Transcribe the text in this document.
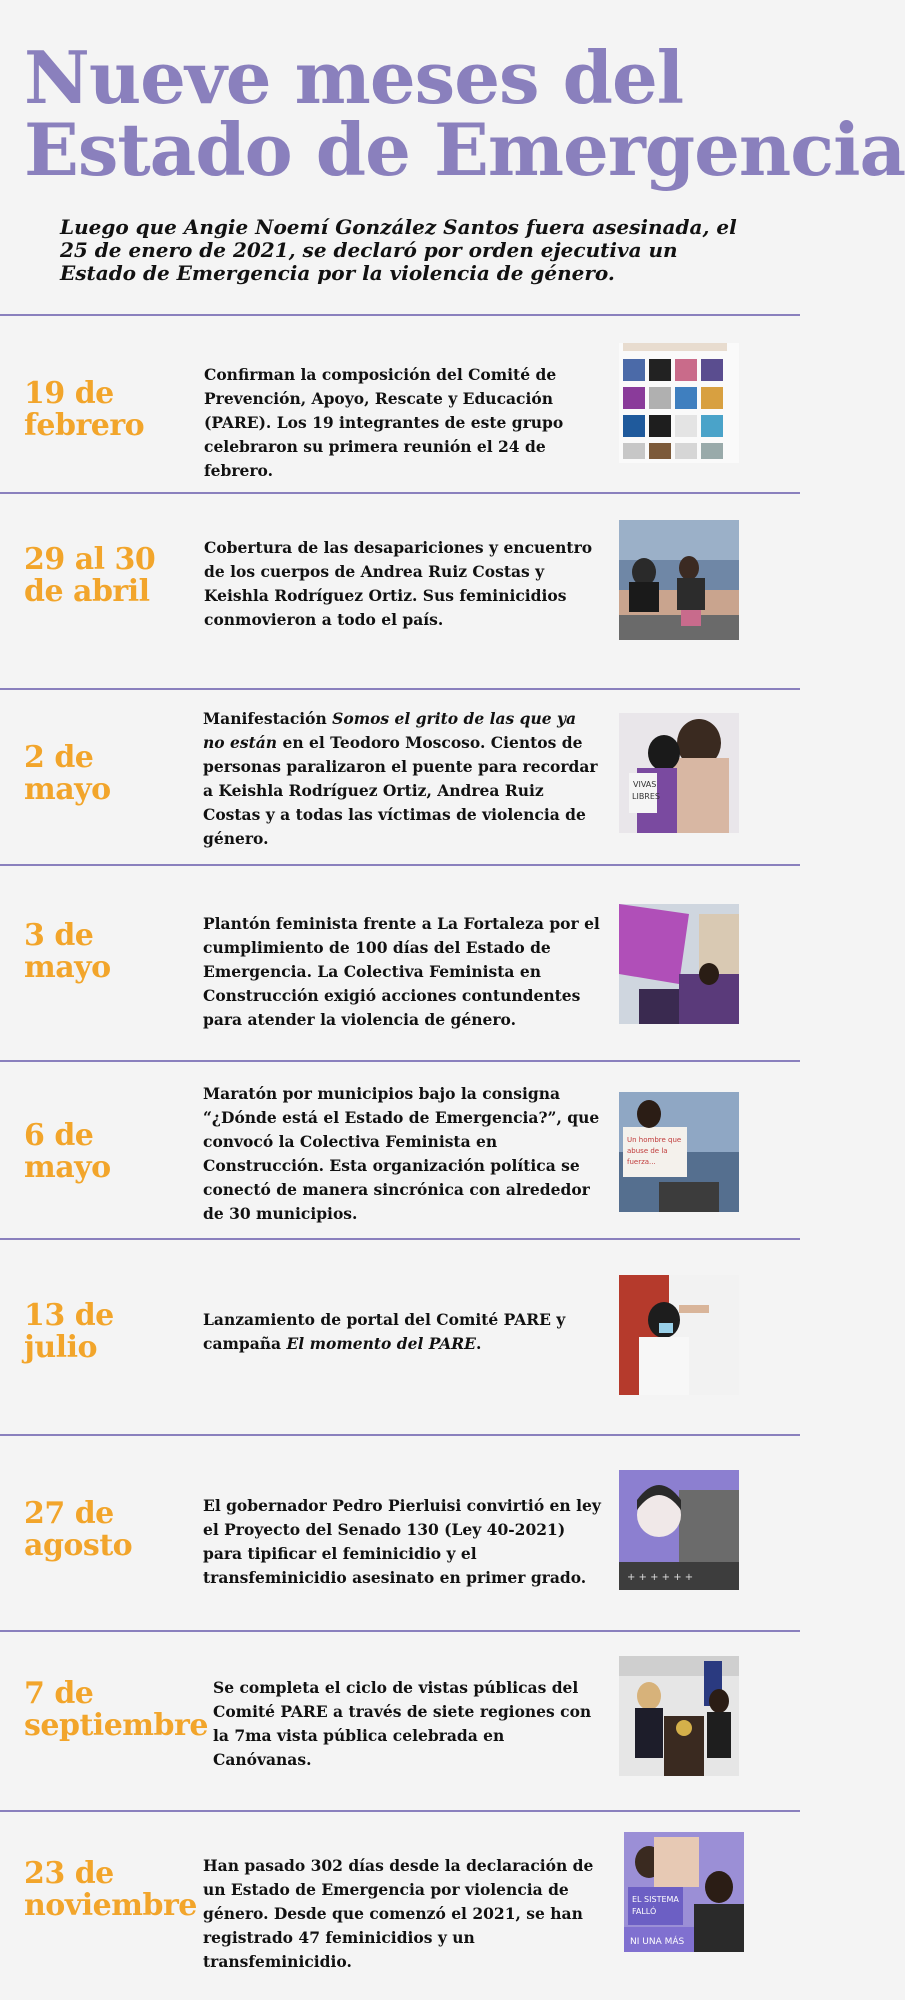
Nueve meses del
Estado de Emergencia
Luego que Angie Noemí González Santos fuera asesinada, el 25 de enero de 2021, se declaró por orden ejecutiva un Estado de Emergencia por la violencia de género.
19 de
febrero
Confirman la composición del Comité de Prevención, Apoyo, Rescate y Educación (PARE). Los 19 integrantes de este grupo celebraron su primera reunión el 24 de febrero.
29 al 30
de abril
Cobertura de las desapariciones y encuentro de los cuerpos de Andrea Ruiz Costas y Keishla Rodríguez Ortiz. Sus feminicidios conmovieron a todo el país.
2 de
mayo
Manifestación Somos el grito de las que ya no están en el Teodoro Moscoso. Cientos de personas paralizaron el puente para recordar a Keishla Rodríguez Ortiz, Andrea Ruiz Costas y a todas las víctimas de violencia de género.
VIVAS
LIBRES
3 de
mayo
Plantón feminista frente a La Fortaleza por el cumplimiento de 100 días del Estado de Emergencia. La Colectiva Feminista en Construcción exigió acciones contundentes para atender la violencia de género.
6 de
mayo
Maratón por municipios bajo la consigna “¿Dónde está el Estado de Emergencia?”, que convocó la Colectiva Feminista en Construcción. Esta organización política se conectó de manera sincrónica con alrededor de 30 municipios.
Un hombre que
abuse de la
fuerza...
13 de
julio
Lanzamiento de portal del Comité PARE y campaña El momento del PARE.
27 de
agosto
El gobernador Pedro Pierluisi convirtió en ley el Proyecto del Senado 130 (Ley 40-2021) para tipificar el feminicidio y el transfeminicidio asesinato en primer grado.	+ + + + + +
7 de
septiembre
Se completa el ciclo de vistas públicas del Comité PARE a través de siete regiones con la 7ma vista pública celebrada en Canóvanas.
23 de
noviembre
Han pasado 302 días desde la declaración de un Estado de Emergencia por violencia de género. Desde que comenzó el 2021, se han registrado 47 feminicidios y un transfeminicidio.
EL SISTEMA
FALLÓ
NI UNA MÁS
